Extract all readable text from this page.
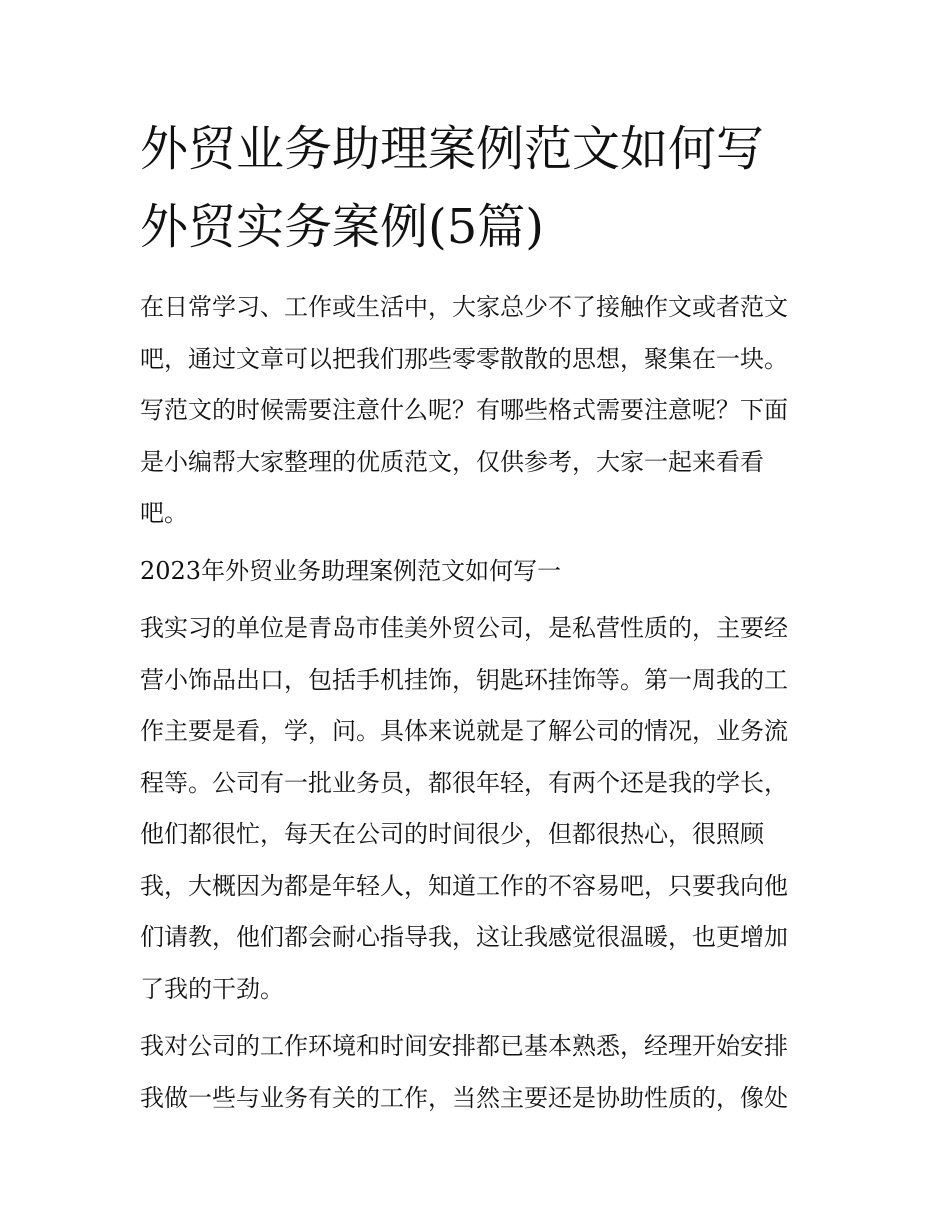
外贸业务助理案例范文如何写
外贸实务案例(5篇)
在日常学习、工作或生活中，大家总少不了接触作文或者范文
吧，通过文章可以把我们那些零零散散的思想，聚集在一块。
写范文的时候需要注意什么呢？有哪些格式需要注意呢？下面
是小编帮大家整理的优质范文，仅供参考，大家一起来看看
吧。
2023年外贸业务助理案例范文如何写一
我实习的单位是青岛市佳美外贸公司，是私营性质的，主要经
营小饰品出口，包括手机挂饰，钥匙环挂饰等。第一周我的工
作主要是看，学，问。具体来说就是了解公司的情况，业务流
程等。公司有一批业务员，都很年轻，有两个还是我的学长，
他们都很忙，每天在公司的时间很少，但都很热心，很照顾
我，大概因为都是年轻人，知道工作的不容易吧，只要我向他
们请教，他们都会耐心指导我，这让我感觉很温暖，也更增加
了我的干劲。
我对公司的工作环境和时间安排都已基本熟悉，经理开始安排
我做一些与业务有关的工作，当然主要还是协助性质的，像处
